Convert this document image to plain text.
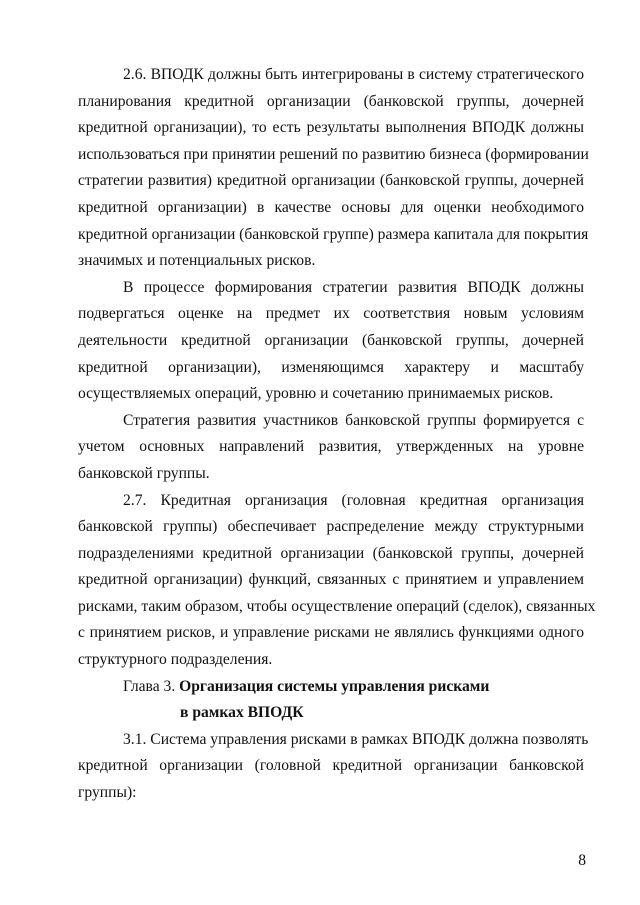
2.6. ВПОДК должны быть интегрированы в систему стратегического
планирования кредитной организации (банковской группы, дочерней
кредитной организации), то есть результаты выполнения ВПОДК должны
использоваться при принятии решений по развитию бизнеса (формировании
стратегии развития) кредитной организации (банковской группы, дочерней
кредитной организации) в качестве основы для оценки необходимого
кредитной организации (банковской группе) размера капитала для покрытия
значимых и потенциальных рисков.
В процессе формирования стратегии развития ВПОДК должны
подвергаться оценке на предмет их соответствия новым условиям
деятельности кредитной организации (банковской группы, дочерней
кредитной организации), изменяющимся характеру и масштабу
осуществляемых операций, уровню и сочетанию принимаемых рисков.
Стратегия развития участников банковской группы формируется с
учетом основных направлений развития, утвержденных на уровне
банковской группы.
2.7. Кредитная организация (головная кредитная организация
банковской группы) обеспечивает распределение между структурными
подразделениями кредитной организации (банковской группы, дочерней
кредитной организации) функций, связанных с принятием и управлением
рисками, таким образом, чтобы осуществление операций (сделок), связанных
с принятием рисков, и управление рисками не являлись функциями одного
структурного подразделения.
Глава 3. Организация системы управления рисками
в рамках ВПОДК
3.1. Система управления рисками в рамках ВПОДК должна позволять
кредитной организации (головной кредитной организации банковской
группы):
8
